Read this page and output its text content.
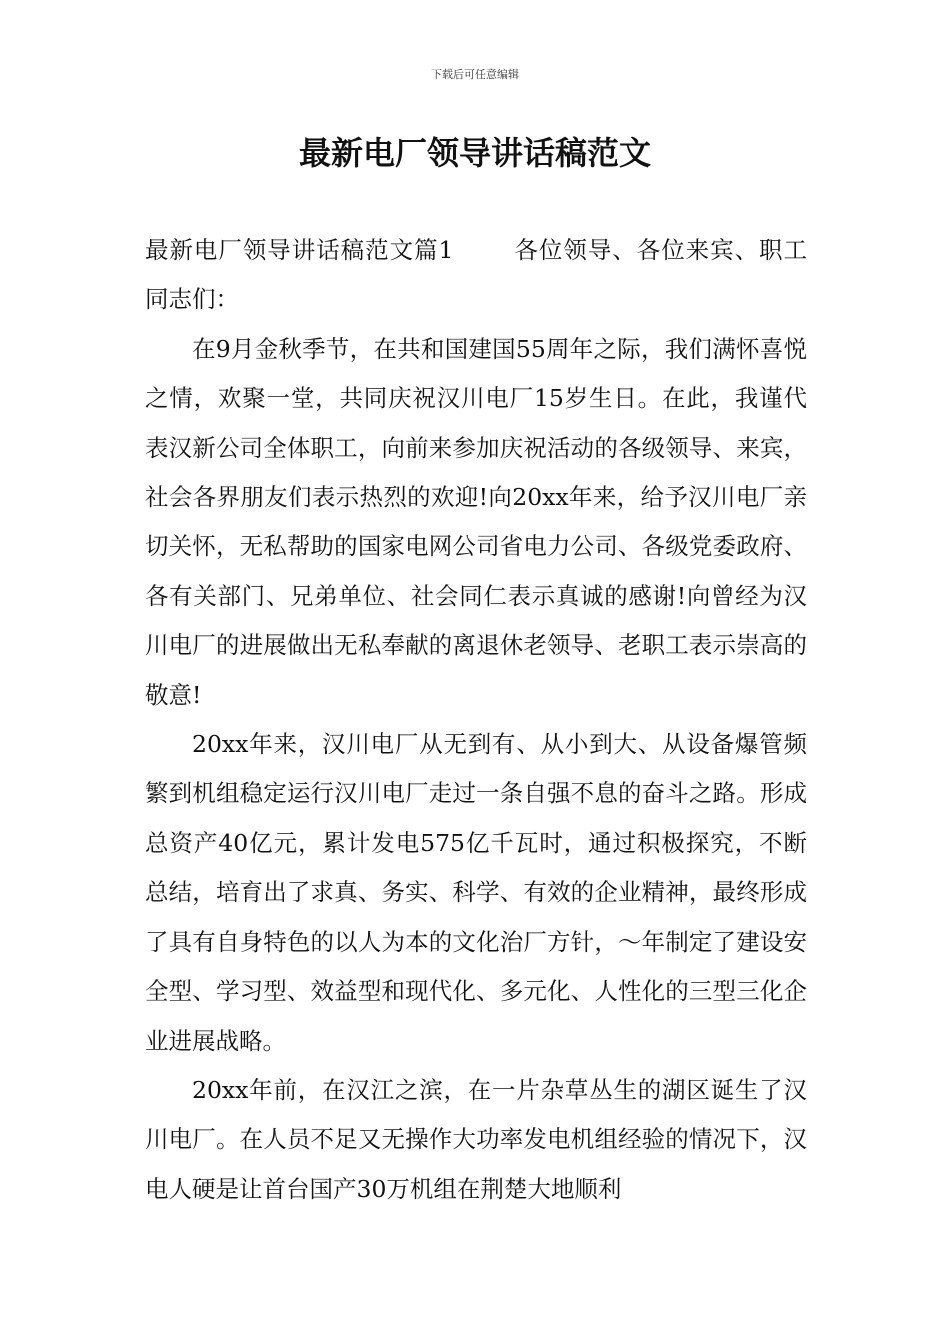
下载后可任意编辑
最新电厂领导讲话稿范文

最新电厂领导讲话稿范文篇1	各位领导、各位来宾、职工同志们：

在9月金秋季节，在共和国建国55周年之际，我们满怀喜悦之情，欢聚一堂，共同庆祝汉川电厂15岁生日。在此，我谨代表汉新公司全体职工，向前来参加庆祝活动的各级领导、来宾，社会各界朋友们表示热烈的欢迎!向20xx年来，给予汉川电厂亲切关怀，无私帮助的国家电网公司省电力公司、各级党委政府、各有关部门、兄弟单位、社会同仁表示真诚的感谢!向曾经为汉川电厂的进展做出无私奉献的离退休老领导、老职工表示崇高的敬意!

20xx年来，汉川电厂从无到有、从小到大、从设备爆管频繁到机组稳定运行汉川电厂走过一条自强不息的奋斗之路。形成总资产40亿元，累计发电575亿千瓦时，通过积极探究，不断总结，培育出了求真、务实、科学、有效的企业精神，最终形成了具有自身特色的以人为本的文化治厂方针，～年制定了建设安全型、学习型、效益型和现代化、多元化、人性化的三型三化企业进展战略。

20xx年前，在汉江之滨，在一片杂草丛生的湖区诞生了汉川电厂。在人员不足又无操作大功率发电机组经验的情况下，汉电人硬是让首台国产30万机组在荆楚大地顺利
